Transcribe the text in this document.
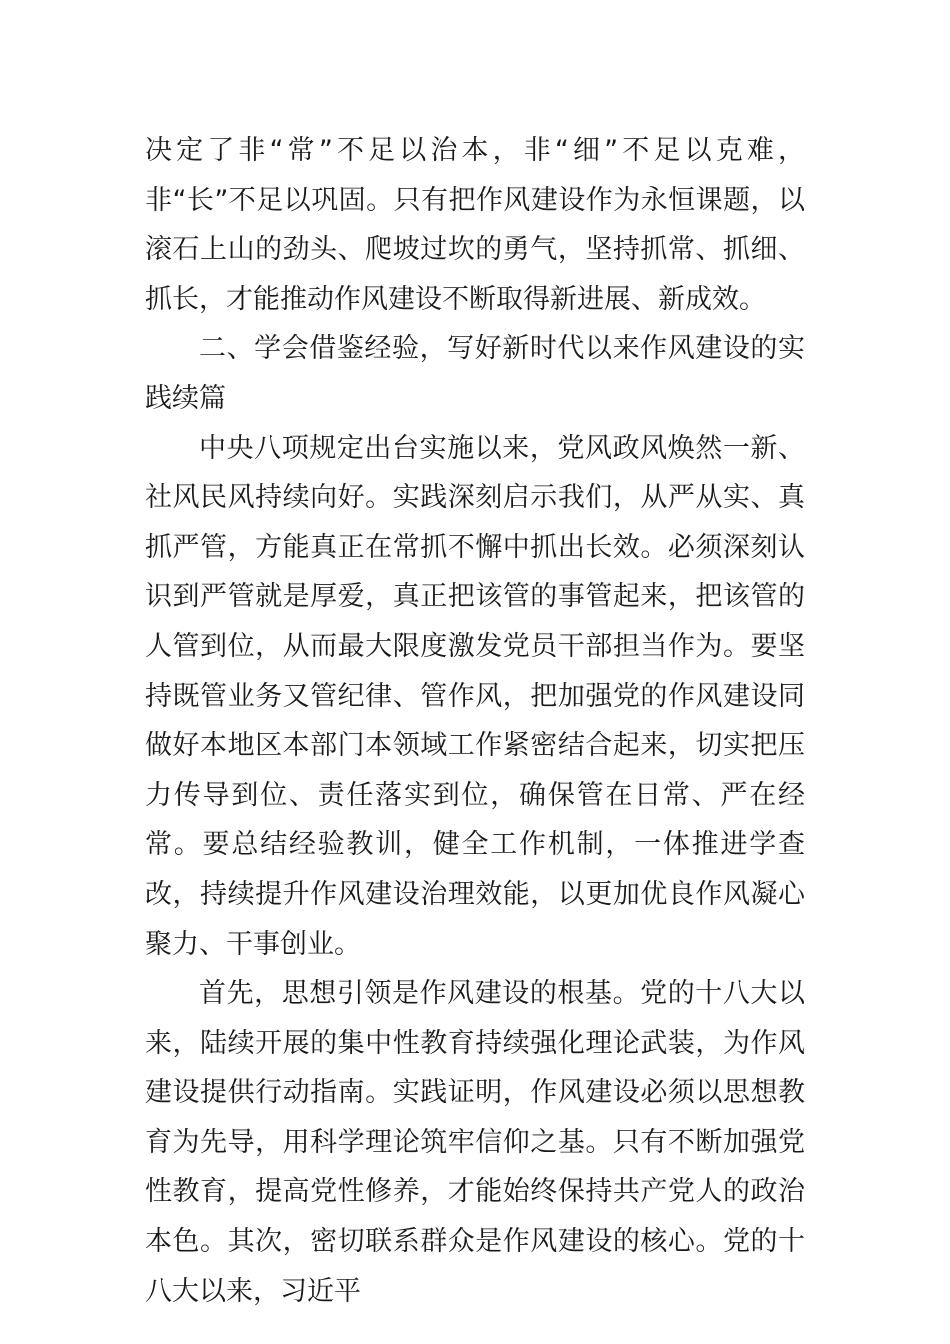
决定了非“常”不足以治本，非“细”不足以克难，非“长”不足以巩固。只有把作风建设作为永恒课题，以滚石上山的劲头、爬坡过坎的勇气，坚持抓常、抓细、抓长，才能推动作风建设不断取得新进展、新成效。

二、学会借鉴经验，写好新时代以来作风建设的实践续篇

中央八项规定出台实施以来，党风政风焕然一新、社风民风持续向好。实践深刻启示我们，从严从实、真抓严管，方能真正在常抓不懈中抓出长效。必须深刻认识到严管就是厚爱，真正把该管的事管起来，把该管的人管到位，从而最大限度激发党员干部担当作为。要坚持既管业务又管纪律、管作风，把加强党的作风建设同做好本地区本部门本领域工作紧密结合起来，切实把压力传导到位、责任落实到位，确保管在日常、严在经常。要总结经验教训，健全工作机制，一体推进学查改，持续提升作风建设治理效能，以更加优良作风凝心聚力、干事创业。

首先，思想引领是作风建设的根基。党的十八大以来，陆续开展的集中性教育持续强化理论武装，为作风建设提供行动指南。实践证明，作风建设必须以思想教育为先导，用科学理论筑牢信仰之基。只有不断加强党性教育，提高党性修养，才能始终保持共产党人的政治本色。其次，密切联系群众是作风建设的核心。党的十八大以来，习近平
